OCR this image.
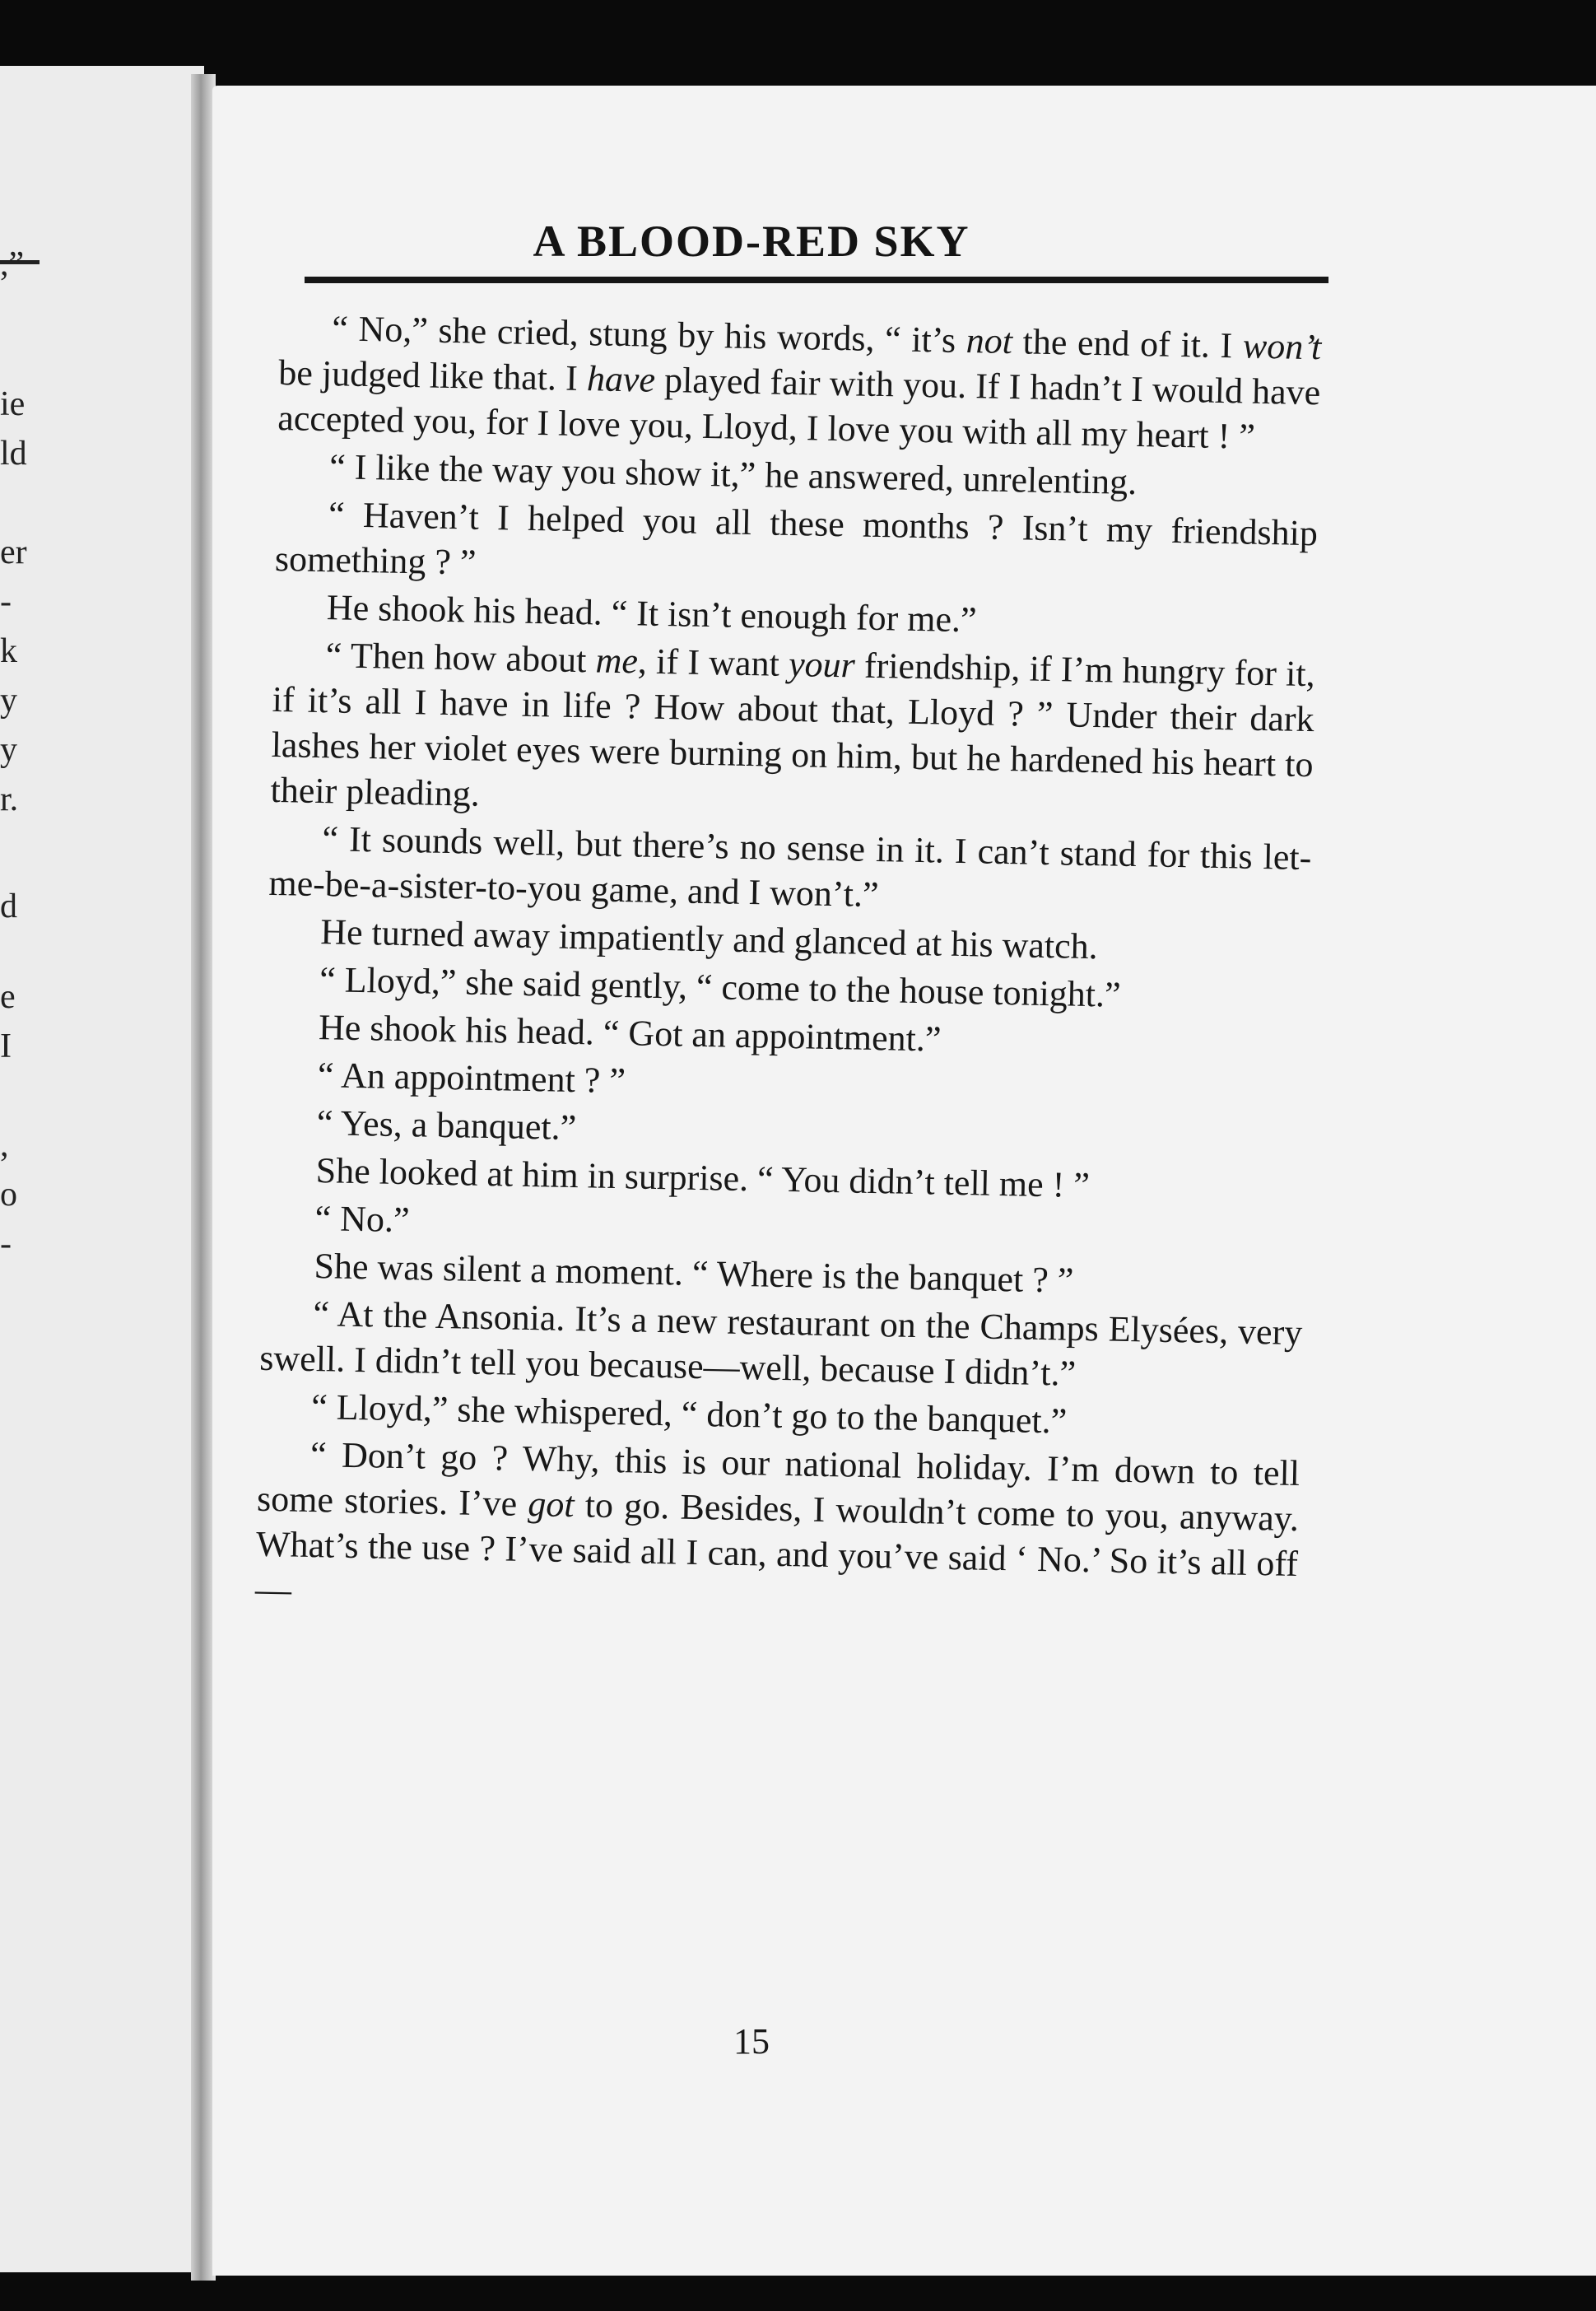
,”
ie
ld
er
‑
k
y
y
r.
d
e
I
,
o
-
A BLOOD-RED SKY

“ No,” she cried, stung by his words, “ it’s not the end of it. I won’t be judged like that. I have played fair with you. If I hadn’t I would have accepted you, for I love you, Lloyd, I love you with all my heart ! ”

“ I like the way you show it,” he answered, unrelenting.

“ Haven’t I helped you all these months ? Isn’t my friendship something ? ”

He shook his head. “ It isn’t enough for me.”

“ Then how about me, if I want your friendship, if I’m hungry for it, if it’s all I have in life ? How about that, Lloyd ? ” Under their dark lashes her violet eyes were burning on him, but he hardened his heart to their pleading.

“ It sounds well, but there’s no sense in it. I can’t stand for this let-me-be-a-sister-to-you game, and I won’t.”

He turned away impatiently and glanced at his watch.

“ Lloyd,” she said gently, “ come to the house tonight.”

He shook his head. “ Got an appointment.”

“ An appointment ? ”

“ Yes, a banquet.”

She looked at him in surprise. “ You didn’t tell me ! ”

“ No.”

She was silent a moment. “ Where is the banquet ? ”

“ At the Ansonia. It’s a new restaurant on the Champs Elysées, very swell. I didn’t tell you because—well, because I didn’t.”

“ Lloyd,” she whispered, “ don’t go to the banquet.”

“ Don’t go ? Why, this is our national holiday. I’m down to tell some stories. I’ve got to go. Besides, I wouldn’t come to you, anyway. What’s the use ? I’ve said all I can, and you’ve said ‘ No.’ So it’s all off—

15
